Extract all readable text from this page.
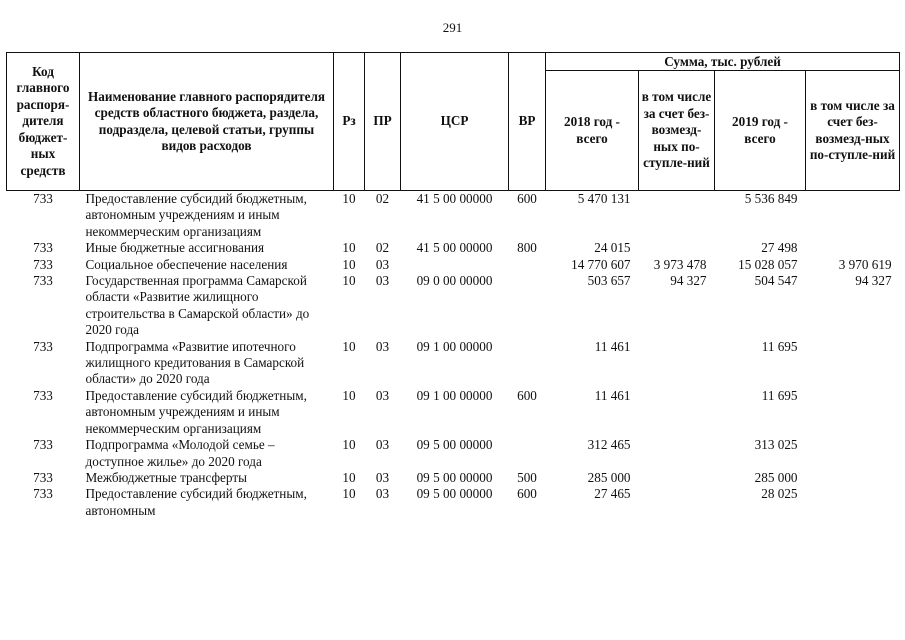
291
Код главного распоря-дителя бюджет-ных средств	Наименование главного распорядителя средств областного бюджета, раздела, подраздела, целевой статьи, группы видов расходов	Рз	ПР	ЦСР	ВР	Сумма, тыс. рублей			
						2018 год - всего	в том числе за счет без-возмезд-ных по-ступле-ний	2019 год - всего	в том числе за счет без-возмезд-ных по-ступле-ний
733	Предоставление субсидий бюджетным, автономным учреждениям и иным некоммерческим организациям	10	02	41 5 00 00000	600	5 470 131		5 536 849	
733	Иные бюджетные ассигнования	10	02	41 5 00 00000	800	24 015		27 498	
733	Социальное обеспечение населения	10	03			14 770 607	3 973 478	15 028 057	3 970 619
733	Государственная программа Самарской области «Развитие жилищного строительства в Самарской области» до 2020 года	10	03	09 0 00 00000		503 657	94 327	504 547	94 327
733	Подпрограмма «Развитие ипотечного жилищного кредитования в Самарской области» до 2020 года	10	03	09 1 00 00000		11 461		11 695	
733	Предоставление субсидий бюджетным, автономным учреждениям и иным некоммерческим организациям	10	03	09 1 00 00000	600	11 461		11 695	
733	Подпрограмма «Молодой семье – доступное жилье» до 2020 года	10	03	09 5 00 00000		312 465		313 025	
733	Межбюджетные трансферты	10	03	09 5 00 00000	500	285 000		285 000	
733	Предоставление субсидий бюджетным, автономным	10	03	09 5 00 00000	600	27 465		28 025	
